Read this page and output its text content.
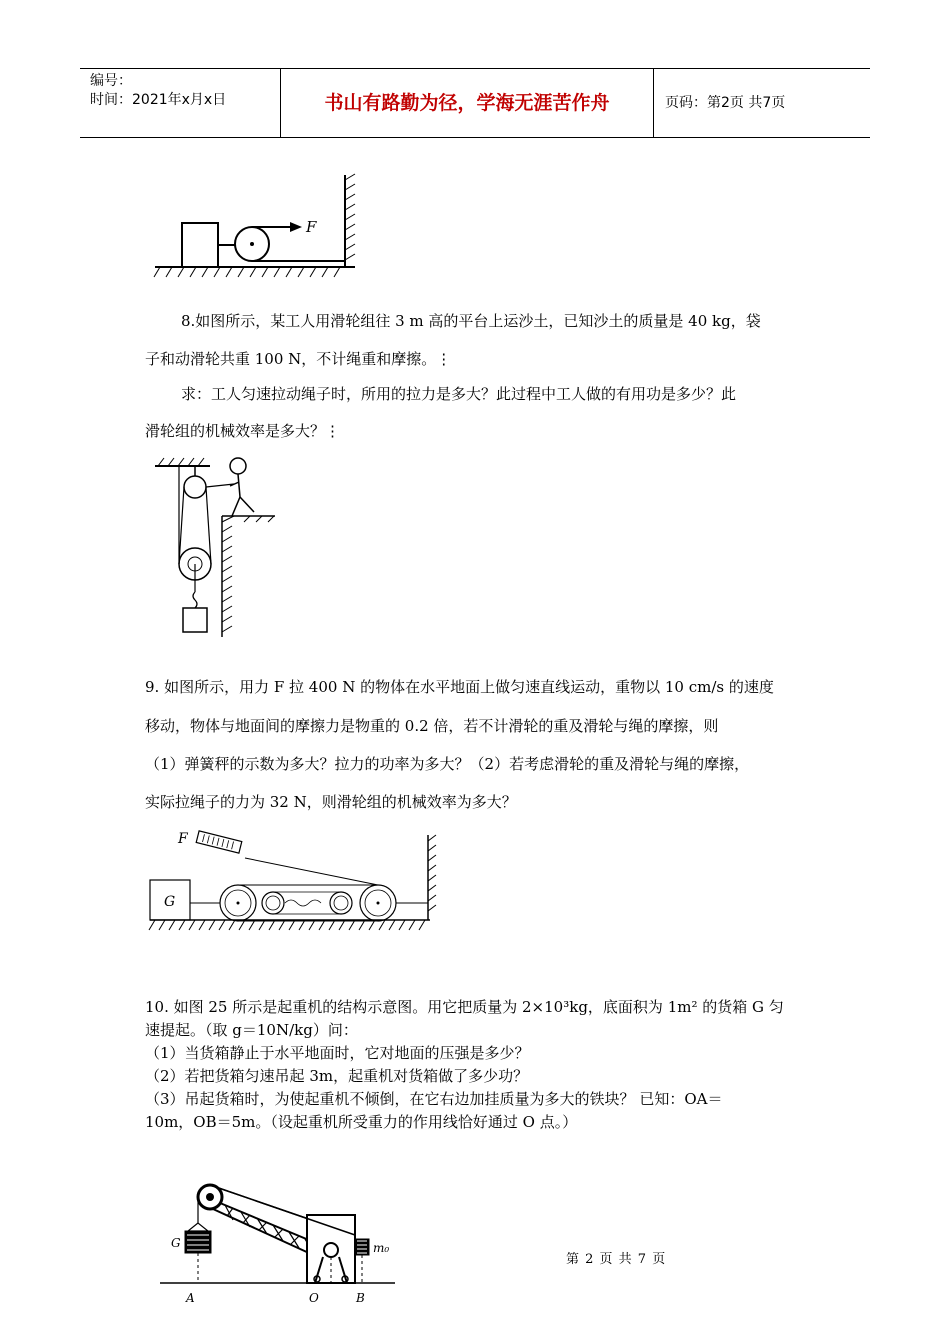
编号：
时间：2021年x月x日	书山有路勤为径，学海无涯苦作舟	页码：第2页 共7页
F
8.如图所示，某工人用滑轮组往 3 m 高的平台上运沙土，已知沙土的质量是 40 kg，袋
子和动滑轮共重 100 N，不计绳重和摩擦。⋮
求：工人匀速拉动绳子时，所用的拉力是多大？此过程中工人做的有用功是多少？此
滑轮组的机械效率是多大？⋮
9. 如图所示，用力 F 拉 400 N 的物体在水平地面上做匀速直线运动，重物以 10 cm/s 的速度
移动，物体与地面间的摩擦力是物重的 0.2 倍，若不计滑轮的重及滑轮与绳的摩擦，则
（1）弹簧秤的示数为多大？拉力的功率为多大？（2）若考虑滑轮的重及滑轮与绳的摩擦，
实际拉绳子的力为 32 N，则滑轮组的机械效率为多大？
G
F
10. 如图 25 所示是起重机的结构示意图。用它把质量为 2×10³kg，底面积为 1m² 的货箱 G 匀
速提起。（取 g＝10N/kg）问：
（1）当货箱静止于水平地面时，它对地面的压强是多少？
（2）若把货箱匀速吊起 3m，起重机对货箱做了多少功？
（3）吊起货箱时，为使起重机不倾倒，在它右边加挂质量为多大的铁块？ 已知：OA＝
10m，OB＝5m。（设起重机所受重力的作用线恰好通过 O 点。）
m₀
G
A	O	B
第 2 页 共 7 页
